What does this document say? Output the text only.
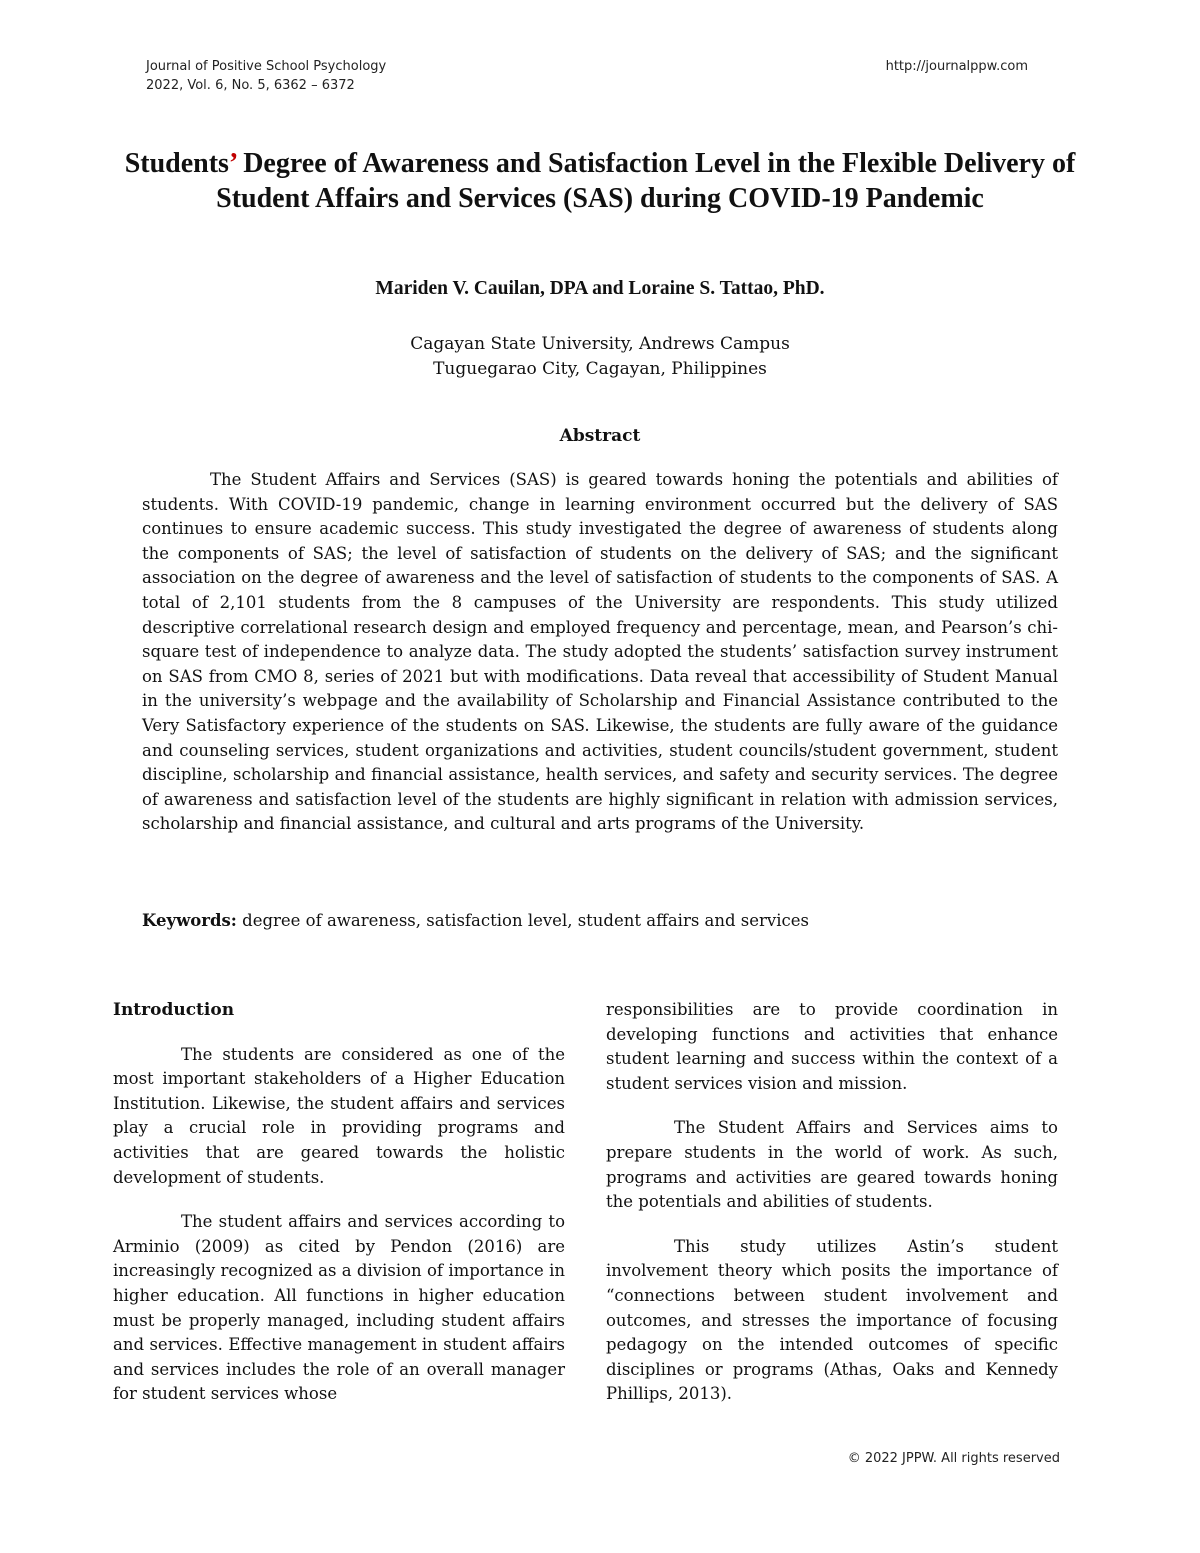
Journal of Positive School Psychology
2022, Vol. 6, No. 5, 6362 – 6372
http://journalppw.com
Students’ Degree of Awareness and Satisfaction Level in the Flexible Delivery of Student Affairs and Services (SAS) during COVID-19 Pandemic
Mariden V. Cauilan, DPA and Loraine S. Tattao, PhD.
Cagayan State University, Andrews Campus
Tuguegarao City, Cagayan, Philippines
Abstract
The Student Affairs and Services (SAS) is geared towards honing the potentials and abilities of students. With COVID-19 pandemic, change in learning environment occurred but the delivery of SAS continues to ensure academic success. This study investigated the degree of awareness of students along the components of SAS; the level of satisfaction of students on the delivery of SAS; and the significant association on the degree of awareness and the level of satisfaction of students to the components of SAS. A total of 2,101 students from the 8 campuses of the University are respondents. This study utilized descriptive correlational research design and employed frequency and percentage, mean, and Pearson’s chi-square test of independence to analyze data. The study adopted the students’ satisfaction survey instrument on SAS from CMO 8, series of 2021 but with modifications. Data reveal that accessibility of Student Manual in the university’s webpage and the availability of Scholarship and Financial Assistance contributed to the Very Satisfactory experience of the students on SAS. Likewise, the students are fully aware of the guidance and counseling services, student organizations and activities, student councils/student government, student discipline, scholarship and financial assistance, health services, and safety and security services. The degree of awareness and satisfaction level of the students are highly significant in relation with admission services, scholarship and financial assistance, and cultural and arts programs of the University.
Keywords: degree of awareness, satisfaction level, student affairs and services
Introduction

The students are considered as one of the most important stakeholders of a Higher Education Institution. Likewise, the student affairs and services play a crucial role in providing programs and activities that are geared towards the holistic development of students.

The student affairs and services according to Arminio (2009) as cited by Pendon (2016) are increasingly recognized as a division of importance in higher education. All functions in higher education must be properly managed, including student affairs and services. Effective management in student affairs and services includes the role of an overall manager for student services whose

responsibilities are to provide coordination in developing functions and activities that enhance student learning and success within the context of a student services vision and mission.

The Student Affairs and Services aims to prepare students in the world of work. As such, programs and activities are geared towards honing the potentials and abilities of students.

This study utilizes Astin’s student involvement theory which posits the importance of “connections between student involvement and outcomes, and stresses the importance of focusing pedagogy on the intended outcomes of specific disciplines or programs (Athas, Oaks and Kennedy Phillips, 2013).

© 2022 JPPW. All rights reserved
